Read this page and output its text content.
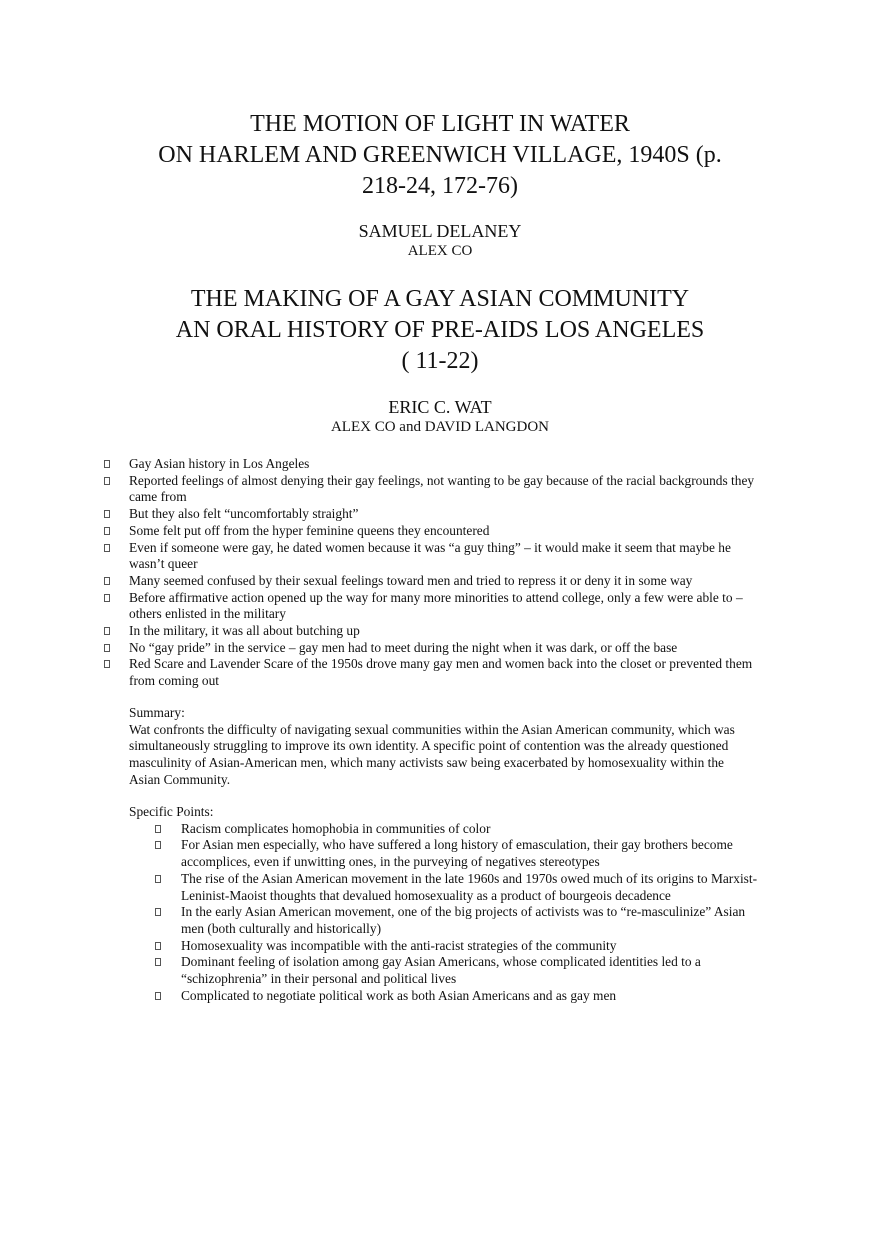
THE MOTION OF LIGHT IN WATER
ON HARLEM AND GREENWICH VILLAGE, 1940S (p.
218-24, 172-76)
SAMUEL DELANEY
ALEX CO
THE MAKING OF A GAY ASIAN COMMUNITY
AN ORAL HISTORY OF PRE-AIDS LOS ANGELES
( 11-22)
ERIC C. WAT
ALEX CO and DAVID LANGDON
Gay Asian history in Los Angeles
Reported feelings of almost denying their gay feelings, not wanting to be gay because of the racial backgrounds they came from
But they also felt “uncomfortably straight”
Some felt put off from the hyper feminine queens they encountered
Even if someone were gay, he dated women because it was “a guy thing” – it would make it seem that maybe he wasn’t queer
Many seemed confused by their sexual feelings toward men and tried to repress it or deny it in some way
Before affirmative action opened up the way for many more minorities to attend college, only a few were able to – others enlisted in the military
In the military, it was all about butching up
No “gay pride” in the service – gay men had to meet during the night when it was dark, or off the base
Red Scare and Lavender Scare of the 1950s drove many gay men and women back into the closet or prevented them from coming out
Summary:
Wat confronts the difficulty of navigating sexual communities within the Asian American community, which was simultaneously struggling to improve its own identity. A specific point of contention was the already questioned masculinity of Asian-American men, which many activists saw being exacerbated by homosexuality within the Asian Community.
Specific Points:
Racism complicates homophobia in communities of color
For Asian men especially, who have suffered a long history of emasculation, their gay brothers become accomplices, even if unwitting ones, in the purveying of negatives stereotypes
The rise of the Asian American movement in the late 1960s and 1970s owed much of its origins to Marxist-Leninist-Maoist thoughts that devalued homosexuality as a product of bourgeois decadence
In the early Asian American movement, one of the big projects of activists was to “re-masculinize” Asian men (both culturally and historically)
Homosexuality was incompatible with the anti-racist strategies of the community
Dominant feeling of isolation among gay Asian Americans, whose complicated identities led to a “schizophrenia” in their personal and political lives
Complicated to negotiate political work as both Asian Americans and as gay men
